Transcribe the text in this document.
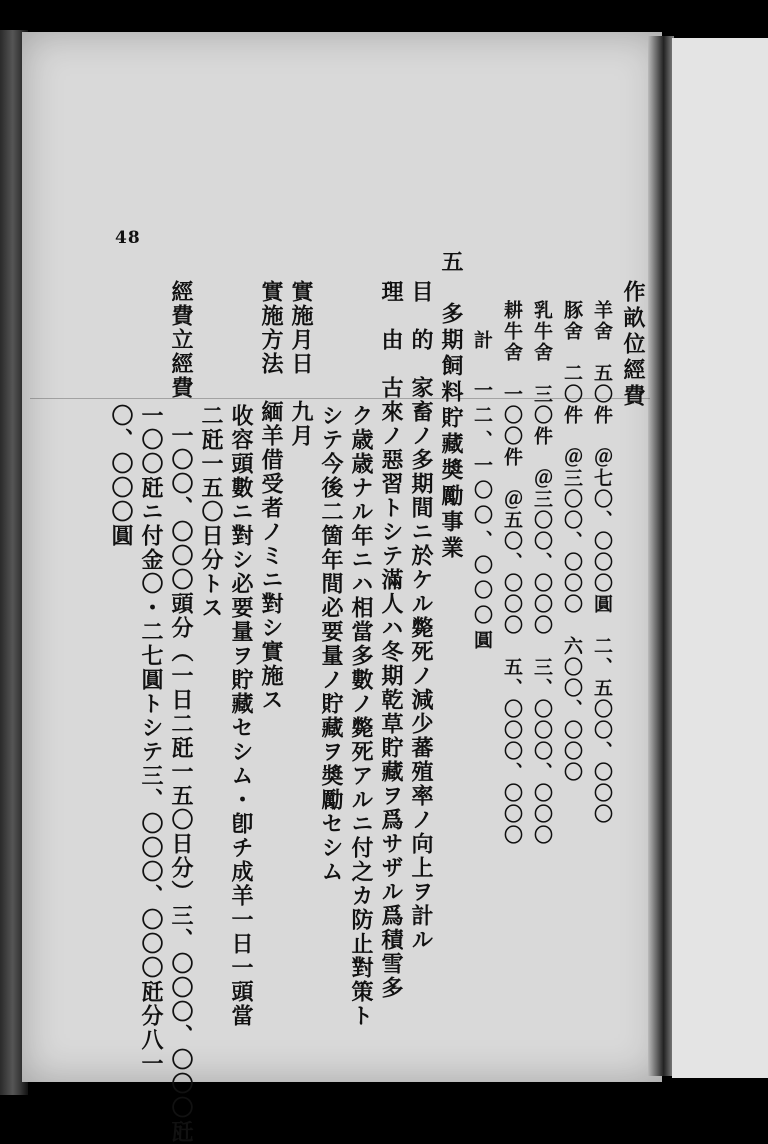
48
作畝位經費
羊舍　五〇件　＠七〇、〇〇〇圓　二、五〇〇、〇〇〇
豚舍　二〇件　＠三〇〇、〇〇〇　六〇〇、〇〇〇
乳牛舍　三〇件　＠三〇〇、〇〇〇　三、〇〇〇、〇〇〇
耕牛舍　一〇〇件　＠五〇、〇〇〇　五、〇〇〇、〇〇〇
計　一二、一〇〇、〇〇〇圓
五　多期飼料貯藏奬勵事業
目　的　家畜ノ多期間ニ於ケル斃死ノ減少蕃殖率ノ向上ヲ計ル
理　由　古來ノ惡習トシテ滿人ハ冬期乾草貯藏ヲ爲サザル爲積雪多
ク歳歳ナル年ニハ相當多數ノ斃死アルニ付之カ防止對策ト
シテ今後二箇年間必要量ノ貯藏ヲ奬勵セシム
實施月日　九月
實施方法　緬羊借受者ノミニ對シ實施ス
收容頭數ニ對シ必要量ヲ貯藏セシム・卽チ成羊一日一頭當
二瓩一五〇日分トス
經費立經費　一〇〇、〇〇〇頭分（一日二瓩一五〇日分）三、〇〇〇、〇〇〇瓩
一〇〇瓩ニ付金〇・二七圓トシテ三、〇〇〇、〇〇〇瓩分八一
〇、〇〇〇圓
